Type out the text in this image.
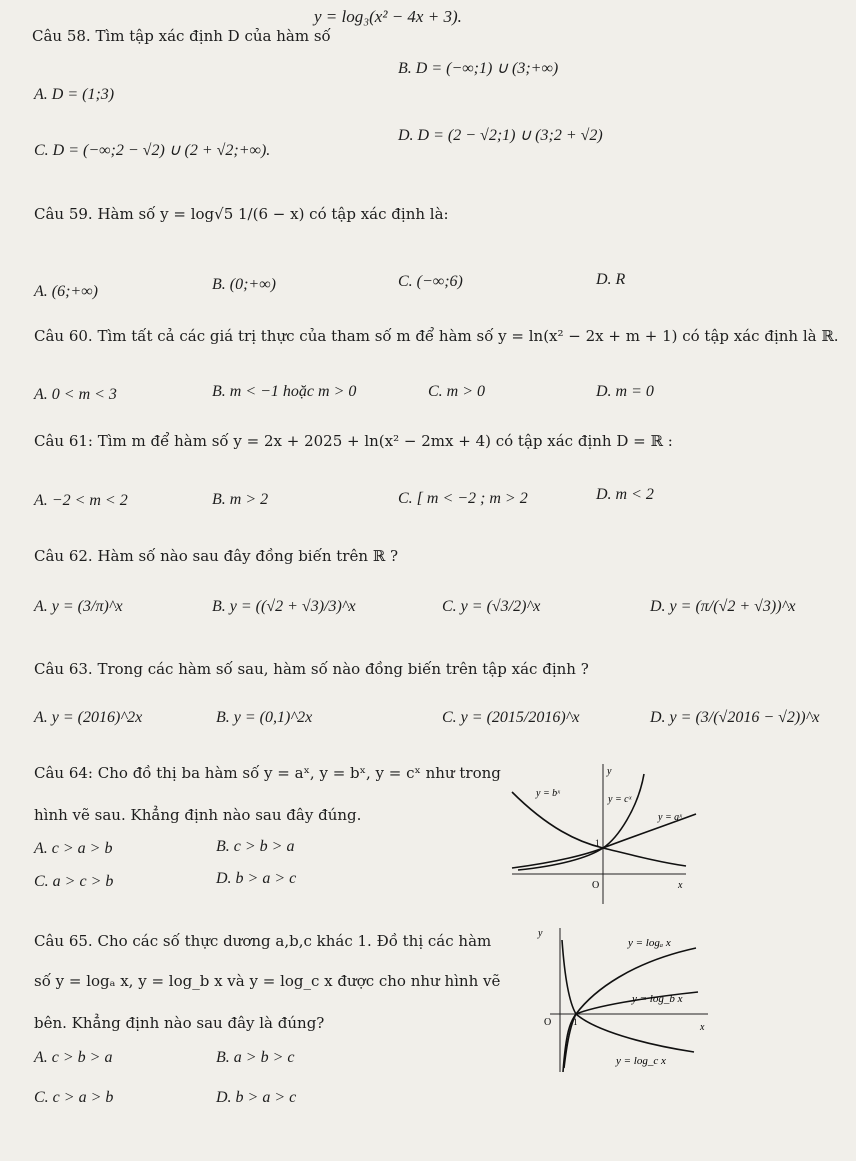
Câu 58. Tìm tập xác định D của hàm số
y = log₃(x² − 4x + 3).
B. D = (−∞;1) ∪ (3;+∞)
A. D = (1;3)
D. D = (2 − √2;1) ∪ (3;2 + √2)
C. D = (−∞;2 − √2) ∪ (2 + √2;+∞).
Câu 59. Hàm số y = log√5 1/(6 − x) có tập xác định là:
A. (6;+∞)	B. (0;+∞)	C. (−∞;6)	D. R
Câu 60. Tìm tất cả các giá trị thực của tham số m để hàm số y = ln(x² − 2x + m + 1) có tập xác định là ℝ.
A. 0 < m < 3	B. m < −1 hoặc m > 0	C. m > 0	D. m = 0
Câu 61: Tìm m để hàm số y = 2x + 2025 + ln(x² − 2mx + 4) có tập xác định D = ℝ :
A. −2 < m < 2	B. m > 2	C. [ m < −2 ; m > 2	D. m < 2
Câu 62. Hàm số nào sau đây đồng biến trên ℝ ?
A. y = (3/π)^x	B. y = ((√2 + √3)/3)^x	C. y = (√3/2)^x	D. y = (π/(√2 + √3))^x
Câu 63. Trong các hàm số sau, hàm số nào đồng biến trên tập xác định ?
A. y = (2016)^2x	B. y = (0,1)^2x	C. y = (2015/2016)^x	D. y = (3/(√2016 − √2))^x
Câu 64: Cho đồ thị ba hàm số y = aˣ, y = bˣ, y = cˣ như trong
hình vẽ sau. Khẳng định nào sau đây đúng.
A. c > a > b	B. c > b > a
C. a > c > b	D. b > a > c
y = bˣ
y = cˣ
y = aˣ
y
x
O
1
Câu 65. Cho các số thực dương a,b,c khác 1. Đồ thị các hàm
số y = logₐ x, y = log_b x và y = log_c x được cho như hình vẽ
bên. Khẳng định nào sau đây là đúng?
A. c > b > a	B. a > b > c
C. c > a > b	D. b > a > c
y = logₐ x
y = log_b x
y = log_c x
y
x
O 1
